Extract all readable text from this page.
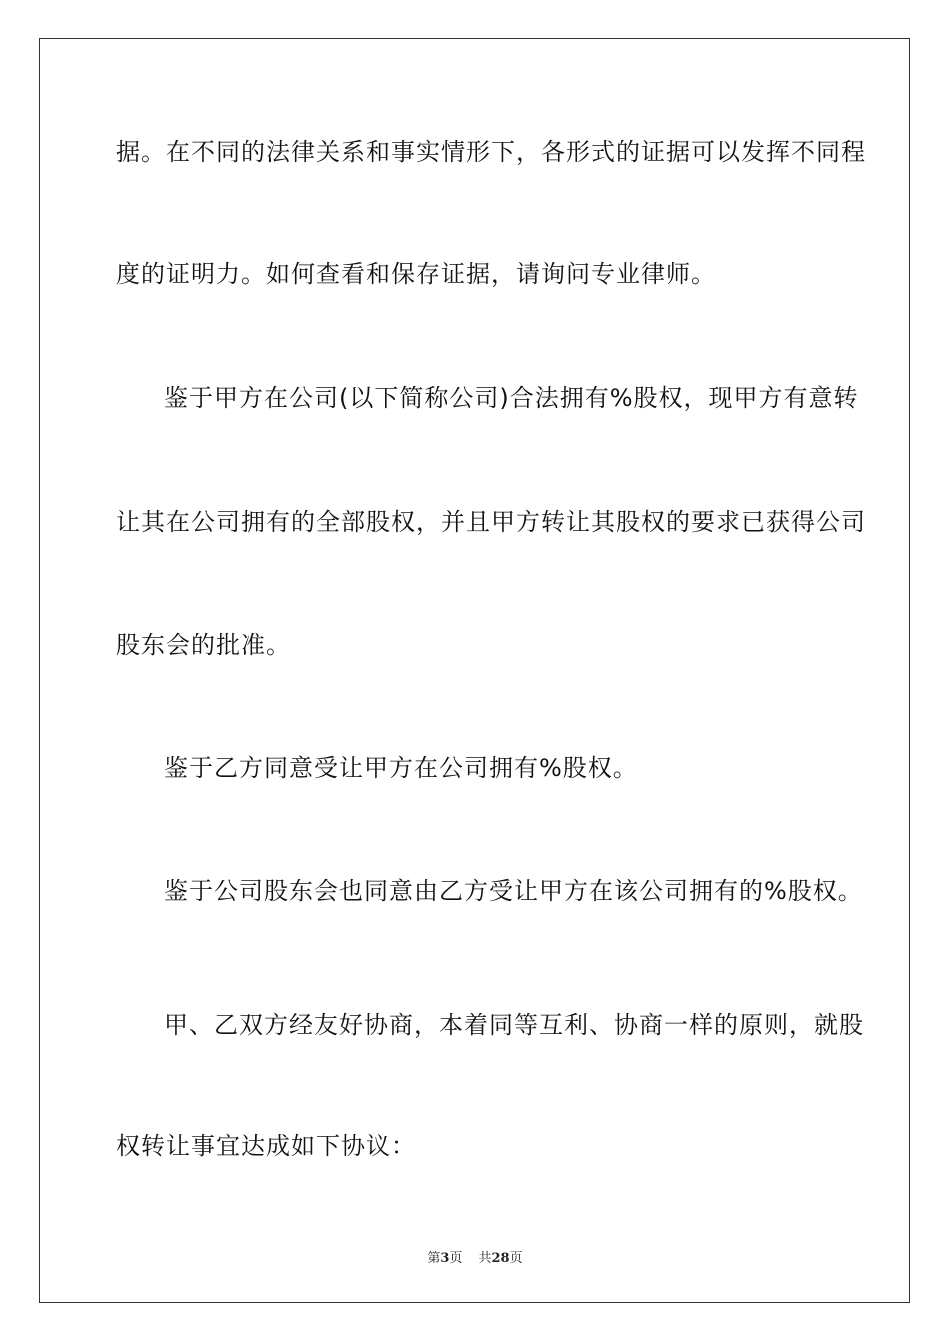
据。在不同的法律关系和事实情形下，各形式的证据可以发挥不同程
度的证明力。如何查看和保存证据，请询问专业律师。
鉴于甲方在公司(以下简称公司)合法拥有%股权，现甲方有意转
让其在公司拥有的全部股权，并且甲方转让其股权的要求已获得公司
股东会的批准。
鉴于乙方同意受让甲方在公司拥有%股权。
鉴于公司股东会也同意由乙方受让甲方在该公司拥有的%股权。
甲、乙双方经友好协商，本着同等互利、协商一样的原则，就股
权转让事宜达成如下协议：
第3页 共28页
